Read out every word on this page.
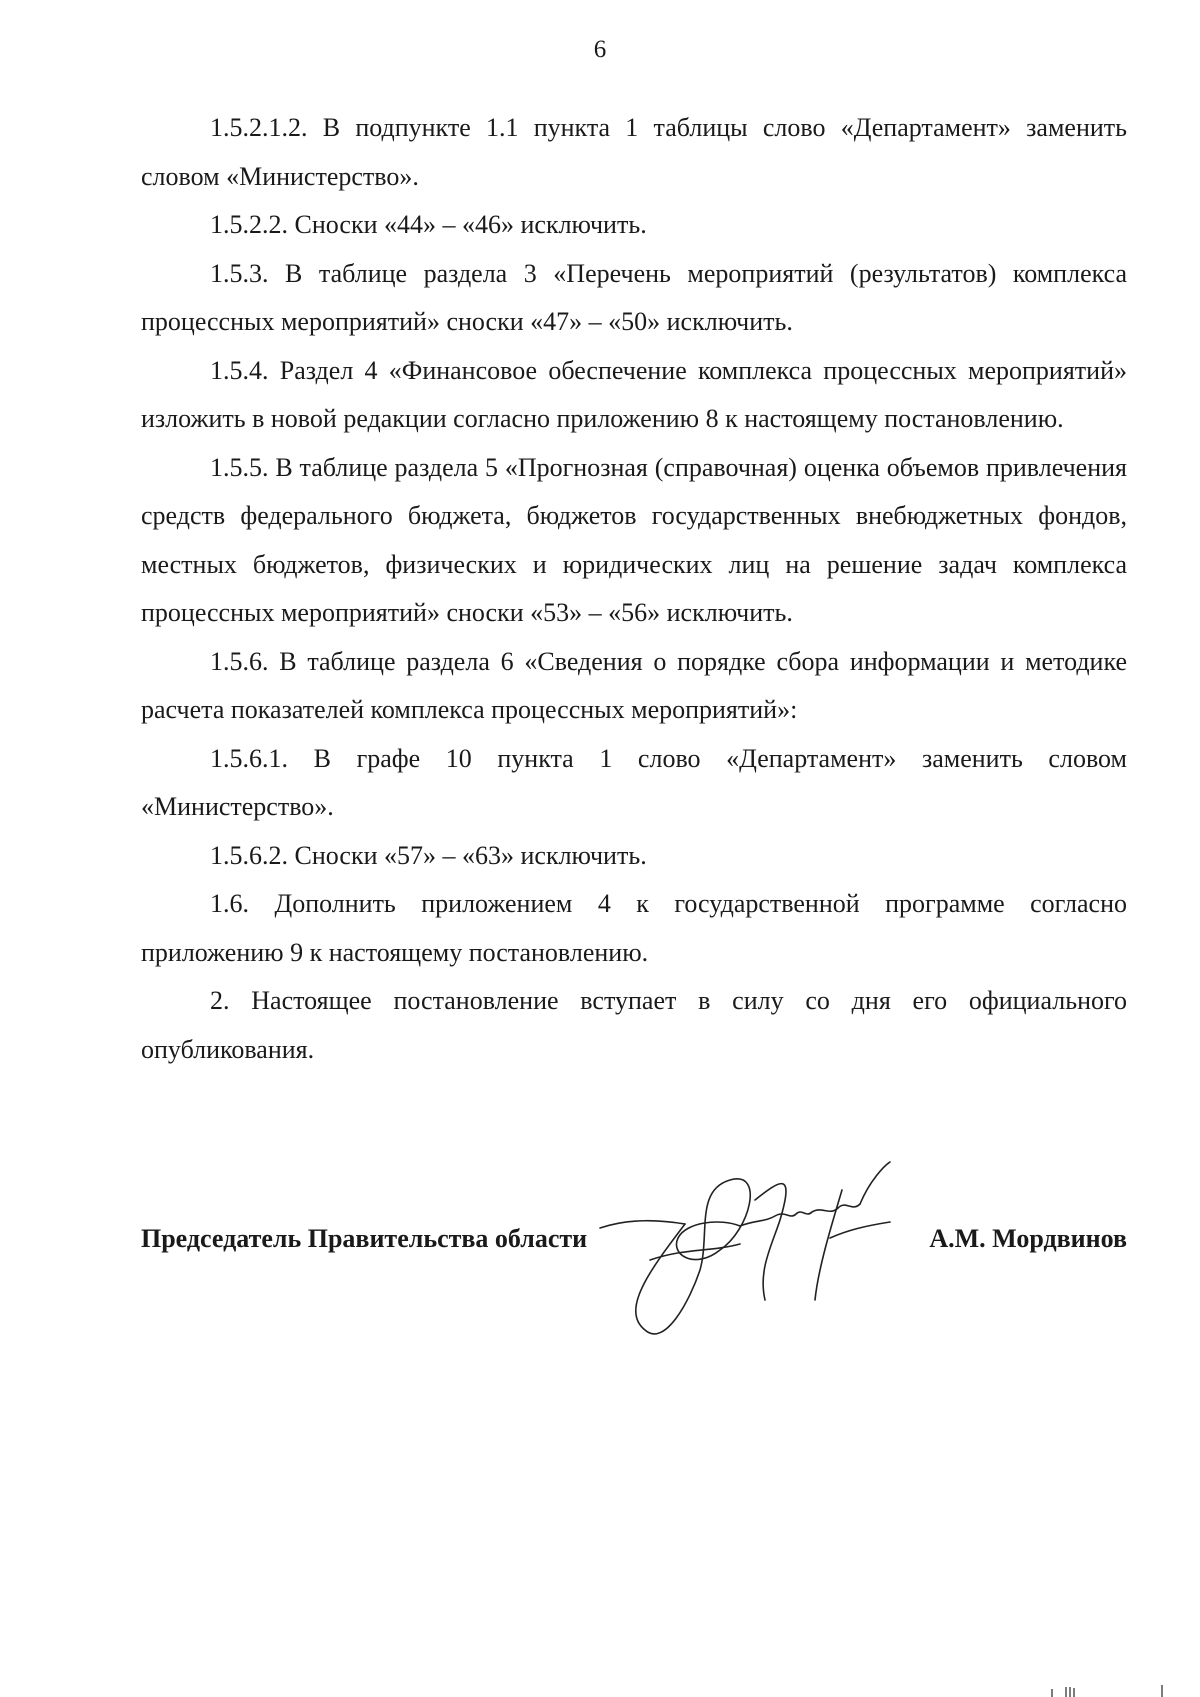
6

1.5.2.1.2. В подпункте 1.1 пункта 1 таблицы слово «Департамент» заменить словом «Министерство».

1.5.2.2. Сноски «44» – «46» исключить.

1.5.3. В таблице раздела 3 «Перечень мероприятий (результатов) комплекса процессных мероприятий» сноски «47» – «50» исключить.

1.5.4. Раздел 4 «Финансовое обеспечение комплекса процессных мероприятий» изложить в новой редакции согласно приложению 8 к настоящему постановлению.

1.5.5. В таблице раздела 5 «Прогнозная (справочная) оценка объемов привлечения средств федерального бюджета, бюджетов государственных внебюджетных фондов, местных бюджетов, физических и юридических лиц на решение задач комплекса процессных мероприятий» сноски «53» – «56» исключить.

1.5.6. В таблице раздела 6 «Сведения о порядке сбора информации и методике расчета показателей комплекса процессных мероприятий»:

1.5.6.1. В графе 10 пункта 1 слово «Департамент» заменить словом «Министерство».

1.5.6.2. Сноски «57» – «63» исключить.

1.6. Дополнить приложением 4 к государственной программе согласно приложению 9 к настоящему постановлению.

2. Настоящее постановление вступает в силу со дня его официального опубликования.

Председатель Правительства области	А.М. Мордвинов
